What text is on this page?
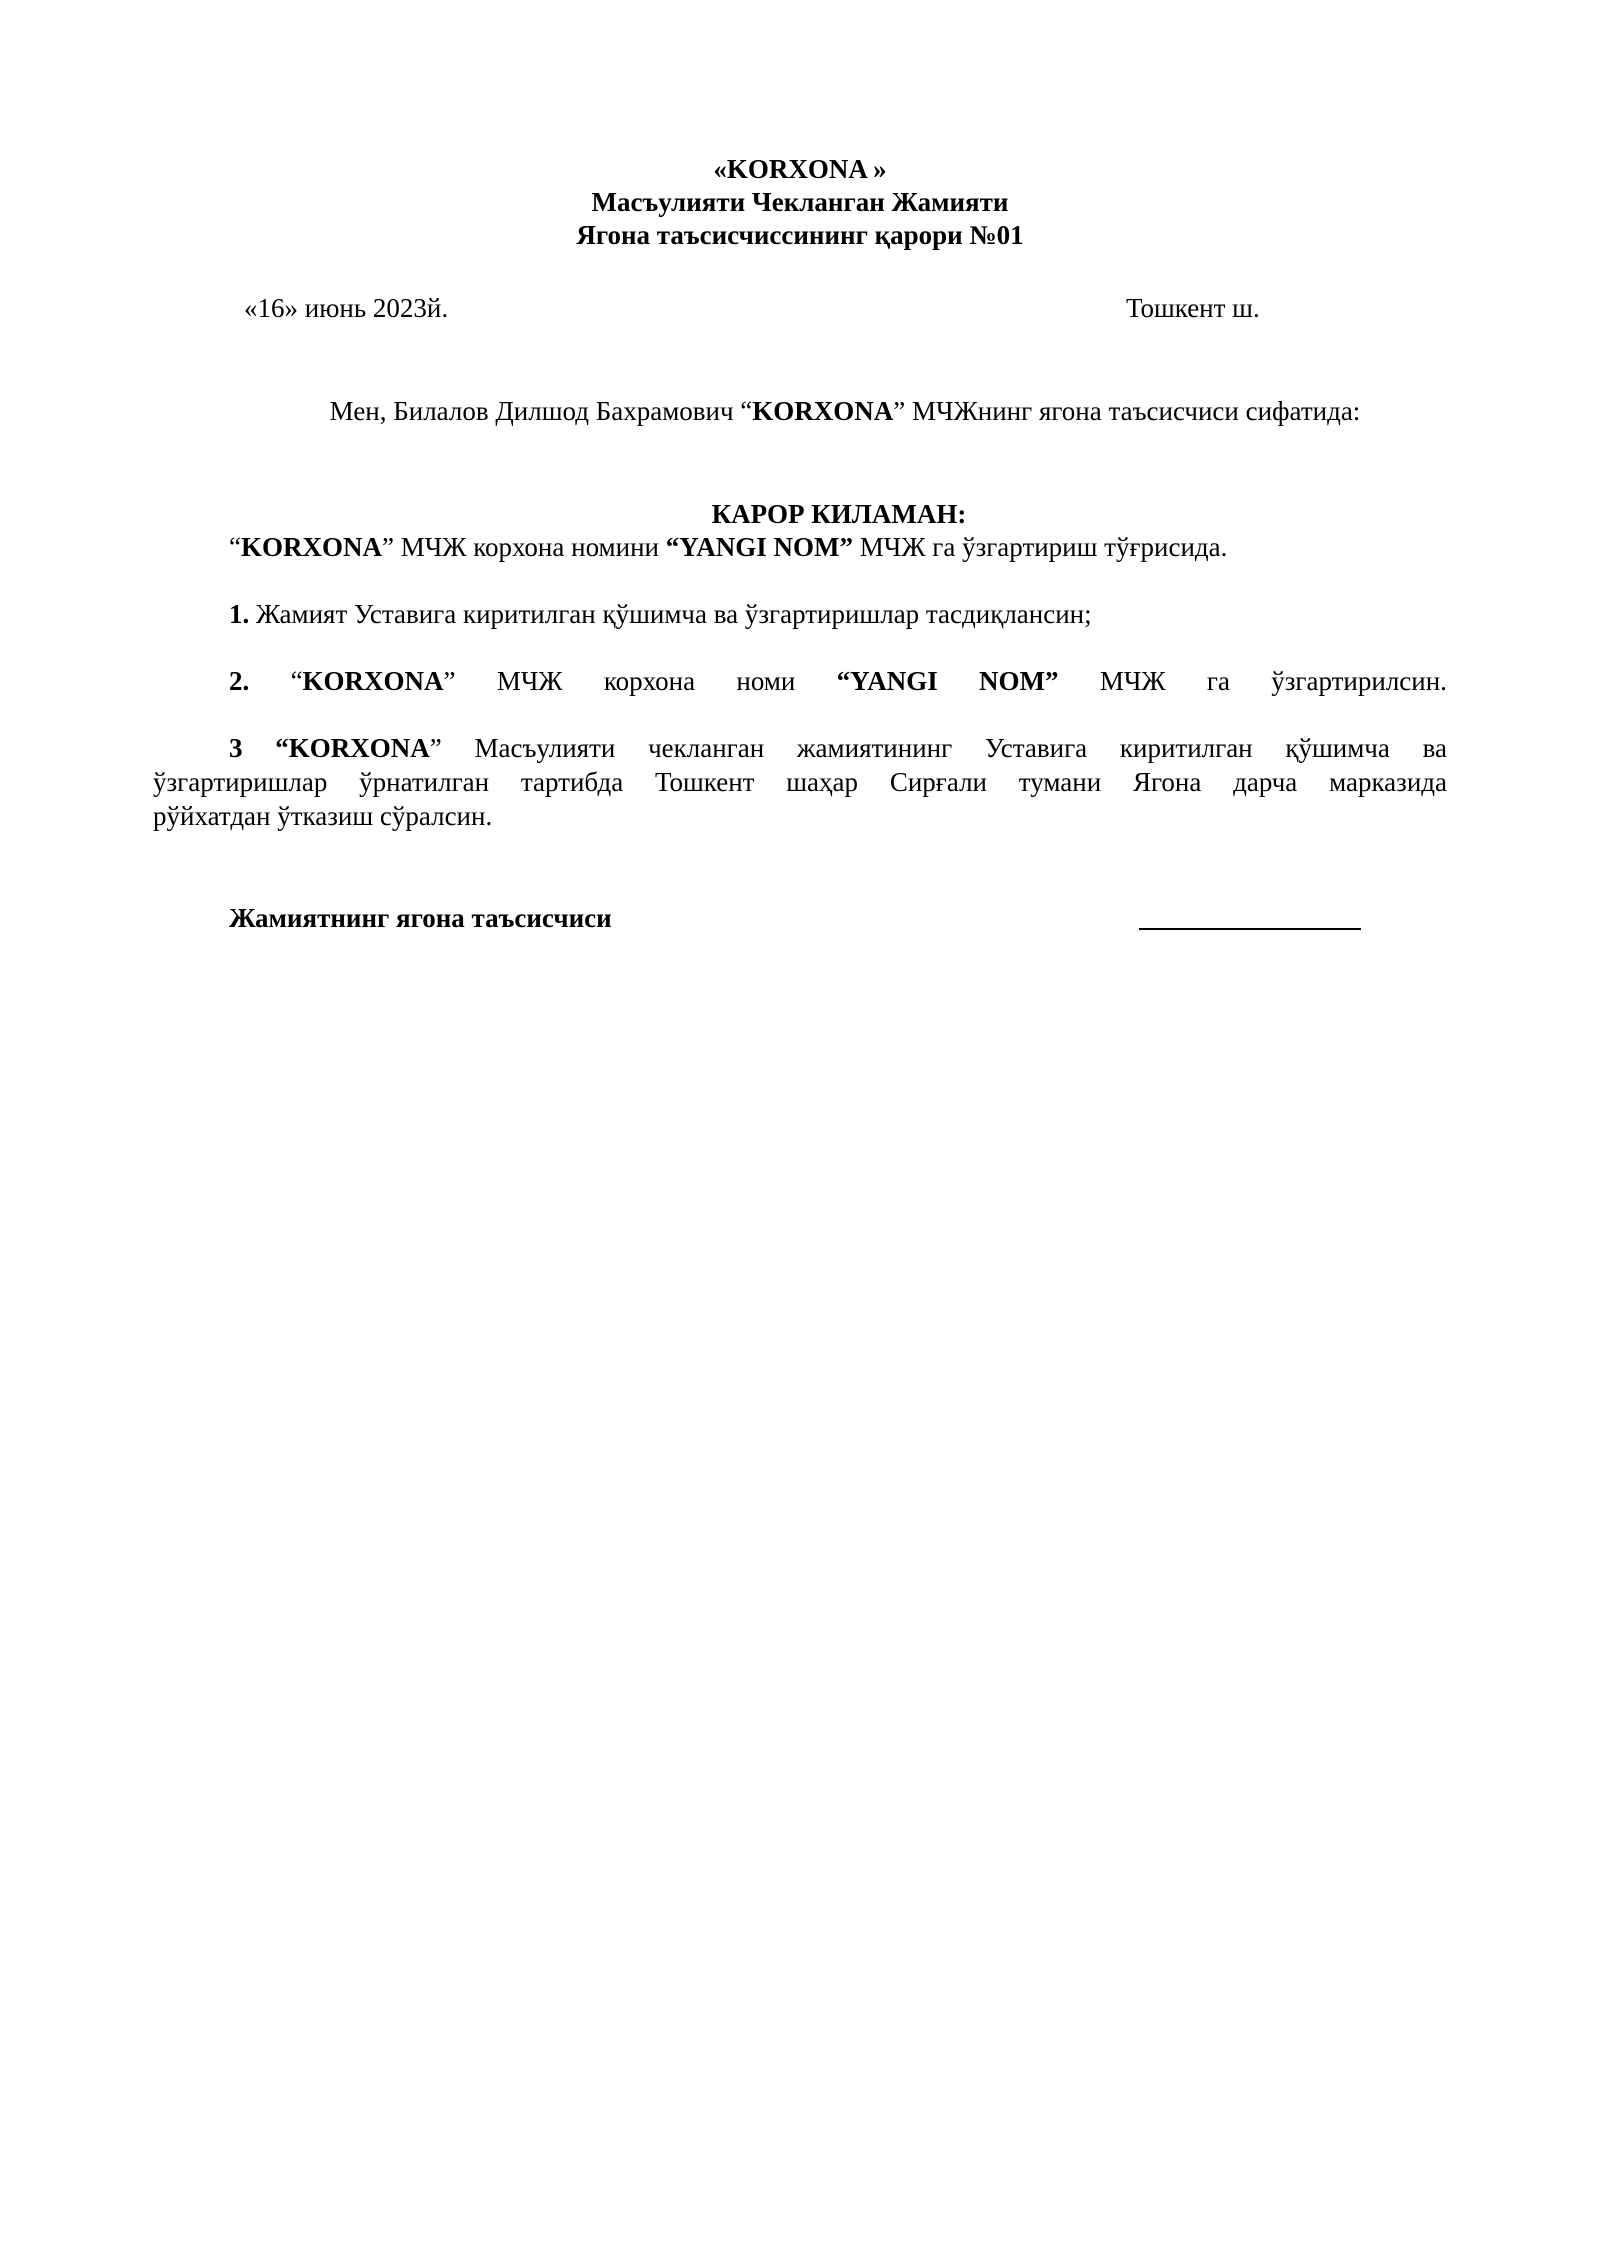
«KORXONA »
Масъулияти Чекланган Жамияти
Ягона таъсисчиссининг қарори №01
«16» июнь 2023й.	Тошкент ш.
Мен, Билалов Дилшод Бахрамович “KORXONA” МЧЖнинг ягона таъсисчиси сифатида:
КАРОР КИЛАМАН:
“KORXONA” МЧЖ корхона номини “YANGI NOM” МЧЖ га ўзгартириш тўғрисида.
1. Жамият Уставига киритилган қўшимча ва ўзгартиришлар тасдиқлансин;
2. “KORXONA” МЧЖ корхона номи “YANGI NOM” МЧЖ га ўзгартирилсин.
3 “KORXONA” Масъулияти чекланган жамиятининг Уставига киритилган қўшимча ва
ўзгартиришлар ўрнатилган тартибда Тошкент шаҳар Сирғали тумани Ягона дарча марказида
рўйхатдан ўтказиш сўралсин.
Жамиятнинг ягона таъсисчиси
